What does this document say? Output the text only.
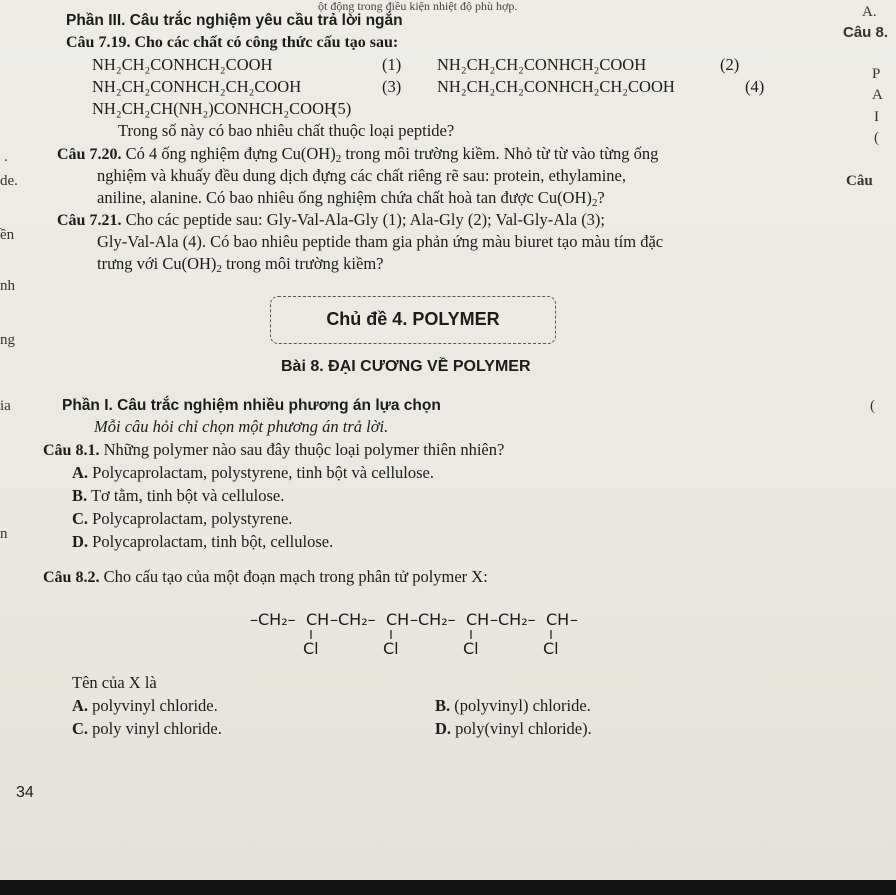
ột động trong điều kiện nhiệt độ phù hợp.	A.
Câu 8.
P
A
I
(
Câu
(
.
de.
ền
nh
ng
ia
n
Phần III. Câu trắc nghiệm yêu cầu trả lời ngắn
Câu 7.19. Cho các chất có công thức cấu tạo sau:
NH₂CH₂CONHCH₂COOH	(1) NH₂CH₂CH₂CONHCH₂COOH	(2)
NH₂CH₂CONHCH₂CH₂COOH	(3) NH₂CH₂CH₂CONHCH₂CH₂COOH	(4)
NH₂CH₂CH(NH₂)CONHCH₂COOH
(5)
Trong số này có bao nhiêu chất thuộc loại peptide?
Câu 7.20. Có 4 ống nghiệm đựng $Cu(OH)_2$ trong môi trường kiềm. Nhỏ từ từ vào từng ống
nghiệm và khuấy đều dung dịch đựng các chất riêng rẽ sau: protein, ethylamine,
aniline, alanine. Có bao nhiêu ống nghiệm chứa chất hoà tan được $Cu(OH)_2$?
Câu 7.21. Cho các peptide sau: Gly-Val-Ala-Gly (1); Ala-Gly (2); Val-Gly-Ala (3);
Gly-Val-Ala (4). Có bao nhiêu peptide tham gia phản ứng màu biuret tạo màu tím đặc
trưng với $Cu(OH)_2$ trong môi trường kiềm?
Chủ đề 4. POLYMER
Bài 8. ĐẠI CƯƠNG VỀ POLYMER
Phần I. Câu trắc nghiệm nhiều phương án lựa chọn
Mỗi câu hỏi chỉ chọn một phương án trả lời.
Câu 8.1. Những polymer nào sau đây thuộc loại polymer thiên nhiên?
A. Polycaprolactam, polystyrene, tinh bột và cellulose.
B. Tơ tằm, tinh bột và cellulose.
C. Polycaprolactam, polystyrene.
D. Polycaprolactam, tinh bột, cellulose.
Câu 8.2. Cho cấu tạo của một đoạn mạch trong phân tử polymer X:
–CH₂– CH –CH₂– CH –CH₂– CH –CH₂– CH –
Cl	Cl	Cl	Cl
Tên của X là
A. polyvinyl chloride.	B. (polyvinyl) chloride.
C. poly vinyl chloride.	D. poly(vinyl chloride).
34
